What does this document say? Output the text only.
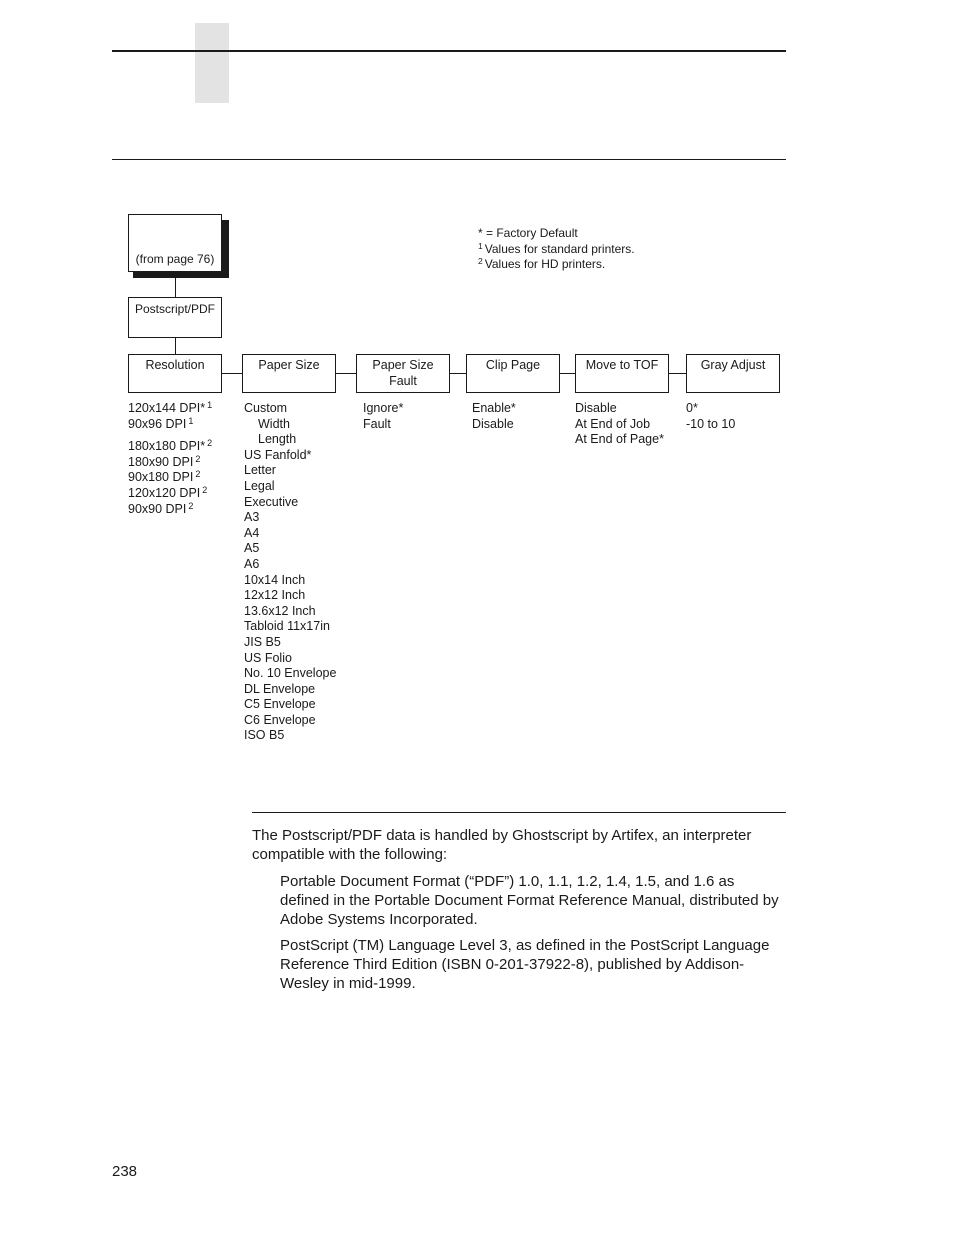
* = Factory Default
$^1$ Values for standard printers.
$^2$ Values for HD printers.
(from page 76)
Postscript/PDF
Resolution	Paper Size	Paper Size
Fault
Clip Page	Move to TOF	Gray Adjust
120x144 DPI* $^1$
90x96 DPI $^1$
180x180 DPI* $^2$
180x90 DPI $^2$
90x180 DPI $^2$
120x120 DPI $^2$
90x90 DPI $^2$
Custom
Width
Length
US Fanfold*
Letter
Legal
Executive
A3
A4
A5
A6
10x14 Inch
12x12 Inch
13.6x12 Inch
Tabloid 11x17in
JIS B5
US Folio
No. 10 Envelope
DL Envelope
C5 Envelope
C6 Envelope
ISO B5
Ignore*
Fault
Enable*
Disable
Disable
At End of Job
At End of Page*
0*
-10 to 10
The Postscript/PDF data is handled by Ghostscript by Artifex, an interpreter compatible with the following:
Portable Document Format (“PDF”) 1.0, 1.1, 1.2, 1.4, 1.5, and 1.6 as defined in the Portable Document Format Reference Manual, distributed by Adobe Systems Incorporated.
PostScript (TM) Language Level 3, as defined in the PostScript Language Reference Third Edition (ISBN 0-201-37922-8), published by Addison-Wesley in mid-1999.
238
